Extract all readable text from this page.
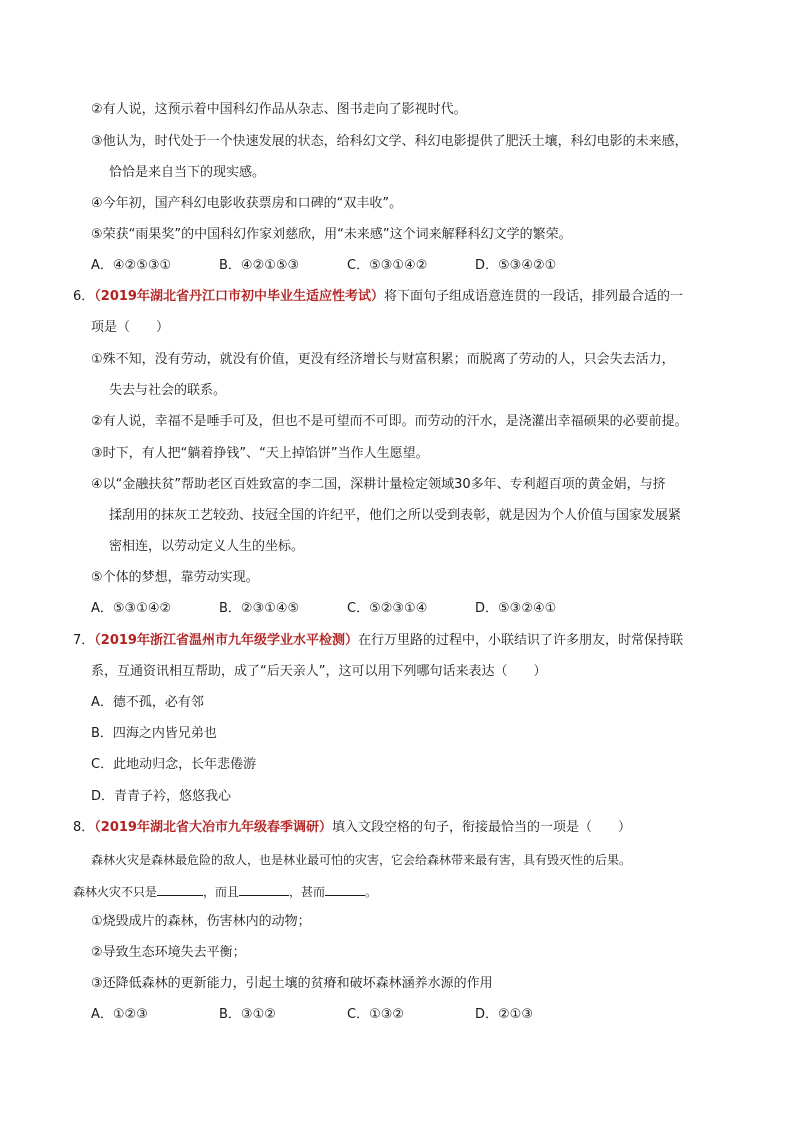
②有人说，这预示着中国科幻作品从杂志、图书走向了影视时代。
③他认为，时代处于一个快速发展的状态，给科幻文学、科幻电影提供了肥沃土壤，科幻电影的未来感，
恰恰是来自当下的现实感。
④今年初，国产科幻电影收获票房和口碑的“双丰收”。
⑤荣获“雨果奖”的中国科幻作家刘慈欣，用“未来感”这个词来解释科幻文学的繁荣。
A．④②⑤③①	B．④②①⑤③	C．⑤③①④②	D．⑤③④②①
6．（2019年湖北省丹江口市初中毕业生适应性考试）将下面句子组成语意连贯的一段话，排列最合适的一
项是（　　）
①殊不知，没有劳动，就没有价值，更没有经济增长与财富积累；而脱离了劳动的人，只会失去活力，
失去与社会的联系。
②有人说，幸福不是唾手可及，但也不是可望而不可即。而劳动的汗水，是浇灌出幸福硕果的必要前提。
③时下，有人把“躺着挣钱”、“天上掉馅饼”当作人生愿望。
④以“金融扶贫”帮助老区百姓致富的李二国，深耕计量检定领域30多年、专利超百项的黄金娟，与挤
揉刮用的抹灰工艺较劲、技冠全国的许纪平，他们之所以受到表彰，就是因为个人价值与国家发展紧
密相连，以劳动定义人生的坐标。
⑤个体的梦想，靠劳动实现。
A．⑤③①④②	B．②③①④⑤	C．⑤②③①④	D．⑤③②④①
7．（2019年浙江省温州市九年级学业水平检测）在行万里路的过程中，小联结识了许多朋友，时常保持联
系，互通资讯相互帮助，成了“后天亲人”，这可以用下列哪句话来表达（　　）
A．德不孤，必有邻
B．四海之内皆兄弟也
C．此地动归念，长年悲倦游
D．青青子衿，悠悠我心
8．（2019年湖北省大冶市九年级春季调研）填入文段空格的句子，衔接最恰当的一项是（　　）
森林火灾是森林最危险的敌人，也是林业最可怕的灾害，它会给森林带来最有害，具有毁灭性的后果。
森林火灾不只是	，而且	，甚而	。
①烧毁成片的森林，伤害林内的动物；
②导致生态环境失去平衡；
③还降低森林的更新能力，引起土壤的贫瘠和破坏森林涵养水源的作用
A．①②③	B．③①②	C．①③②	D．②①③
